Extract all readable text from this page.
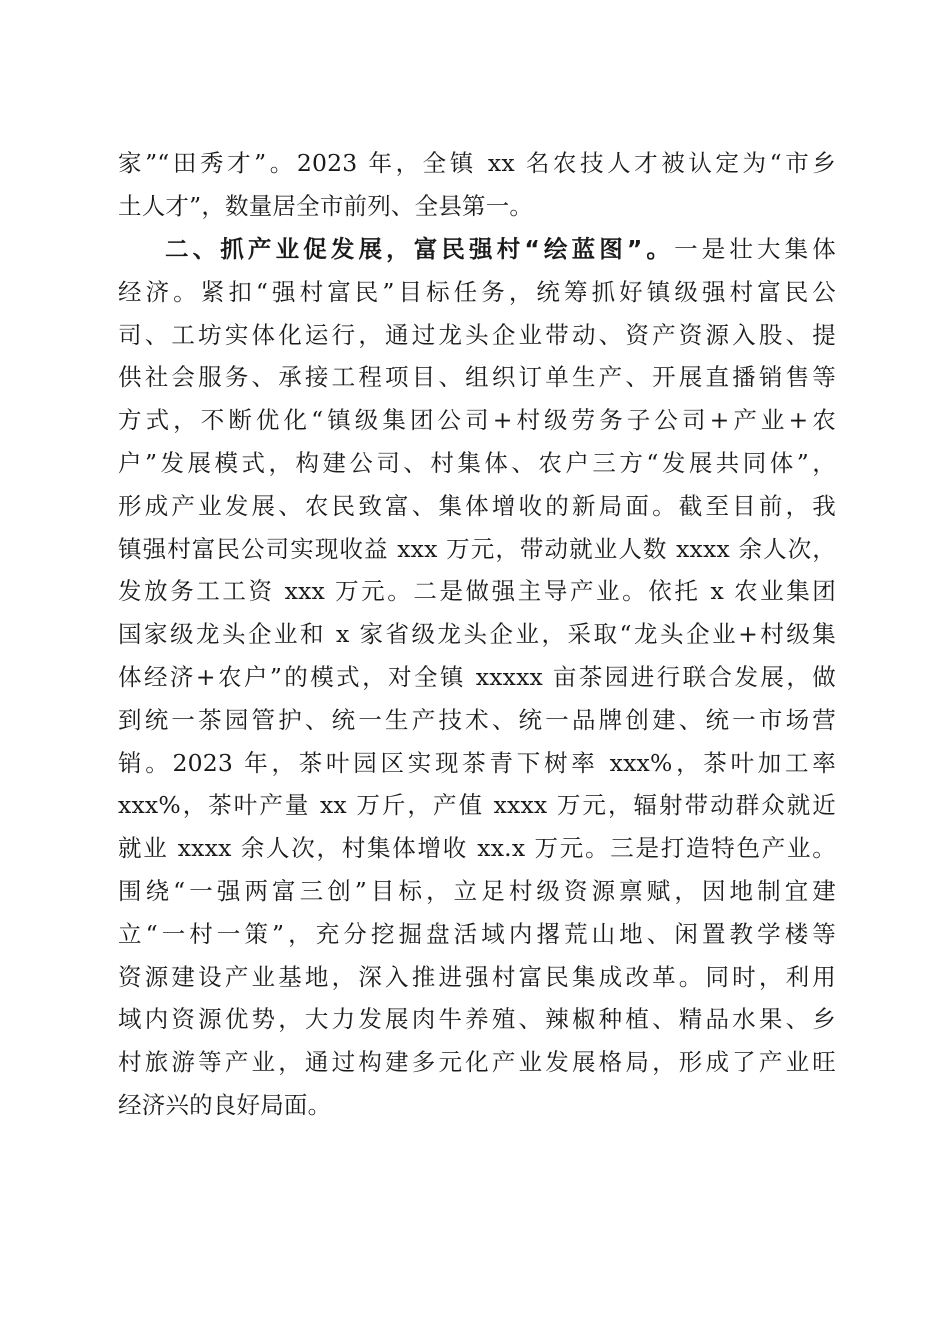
家”“田秀才”。2023 年，全镇 xx 名农技人才被认定为“市乡
土人才”，数量居全市前列、全县第一。
二、抓产业促发展，富民强村“绘蓝图”。一是壮大集体
经济。紧扣“强村富民”目标任务，统筹抓好镇级强村富民公
司、工坊实体化运行，通过龙头企业带动、资产资源入股、提
供社会服务、承接工程项目、组织订单生产、开展直播销售等
方式，不断优化“镇级集团公司+村级劳务子公司+产业+农
户”发展模式，构建公司、村集体、农户三方“发展共同体”，
形成产业发展、农民致富、集体增收的新局面。截至目前，我
镇强村富民公司实现收益 xxx 万元，带动就业人数 xxxx 余人次，
发放务工工资 xxx 万元。二是做强主导产业。依托 x 农业集团
国家级龙头企业和 x 家省级龙头企业，采取“龙头企业+村级集
体经济+农户”的模式，对全镇 xxxxx 亩茶园进行联合发展，做
到统一茶园管护、统一生产技术、统一品牌创建、统一市场营
销。2023 年，茶叶园区实现茶青下树率 xxx%，茶叶加工率
xxx%，茶叶产量 xx 万斤，产值 xxxx 万元，辐射带动群众就近
就业 xxxx 余人次，村集体增收 xx.x 万元。三是打造特色产业。
围绕“一强两富三创”目标，立足村级资源禀赋，因地制宜建
立“一村一策”，充分挖掘盘活域内撂荒山地、闲置教学楼等
资源建设产业基地，深入推进强村富民集成改革。同时，利用
域内资源优势，大力发展肉牛养殖、辣椒种植、精品水果、乡
村旅游等产业，通过构建多元化产业发展格局，形成了产业旺
经济兴的良好局面。
